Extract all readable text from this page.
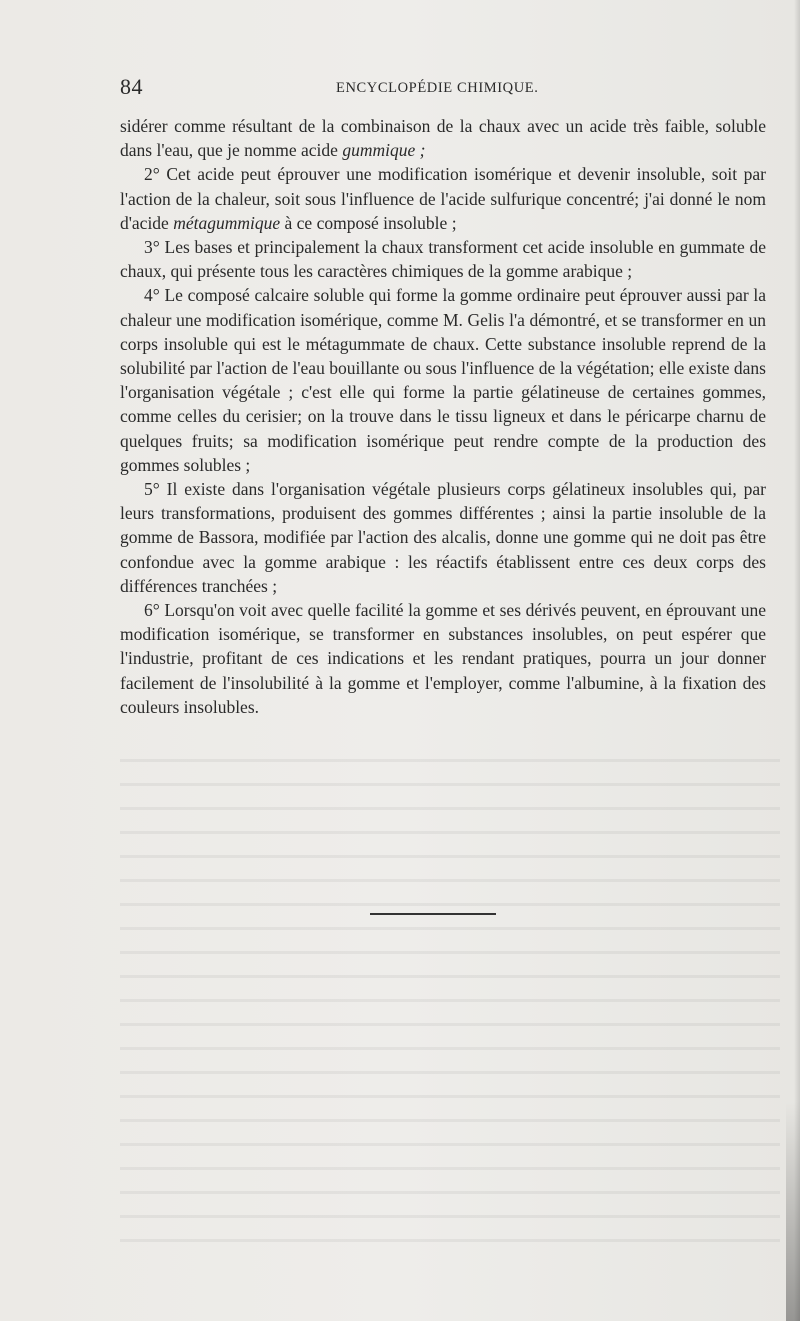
84	ENCYCLOPÉDIE CHIMIQUE.

sidérer comme résultant de la combinaison de la chaux avec un acide très faible, soluble dans l'eau, que je nomme acide gummique ;

2° Cet acide peut éprouver une modification isomérique et devenir insoluble, soit par l'action de la chaleur, soit sous l'influence de l'acide sulfurique concentré; j'ai donné le nom d'acide métagummique à ce composé insoluble ;

3° Les bases et principalement la chaux transforment cet acide insoluble en gummate de chaux, qui présente tous les caractères chimiques de la gomme arabique ;

4° Le composé calcaire soluble qui forme la gomme ordinaire peut éprouver aussi par la chaleur une modification isomérique, comme M. Gelis l'a démontré, et se transformer en un corps insoluble qui est le métagummate de chaux. Cette substance insoluble reprend de la solubilité par l'action de l'eau bouillante ou sous l'influence de la végétation; elle existe dans l'organisation végétale ; c'est elle qui forme la partie gélatineuse de certaines gommes, comme celles du cerisier; on la trouve dans le tissu ligneux et dans le péricarpe charnu de quelques fruits; sa modification isomérique peut rendre compte de la production des gommes solubles ;

5° Il existe dans l'organisation végétale plusieurs corps gélatineux insolubles qui, par leurs transformations, produisent des gommes différentes ; ainsi la partie insoluble de la gomme de Bassora, modifiée par l'action des alcalis, donne une gomme qui ne doit pas être confondue avec la gomme arabique : les réactifs établissent entre ces deux corps des différences tranchées ;

6° Lorsqu'on voit avec quelle facilité la gomme et ses dérivés peuvent, en éprouvant une modification isomérique, se transformer en substances insolubles, on peut espérer que l'industrie, profitant de ces indications et les rendant pratiques, pourra un jour donner facilement de l'insolubilité à la gomme et l'employer, comme l'albumine, à la fixation des couleurs insolubles.
